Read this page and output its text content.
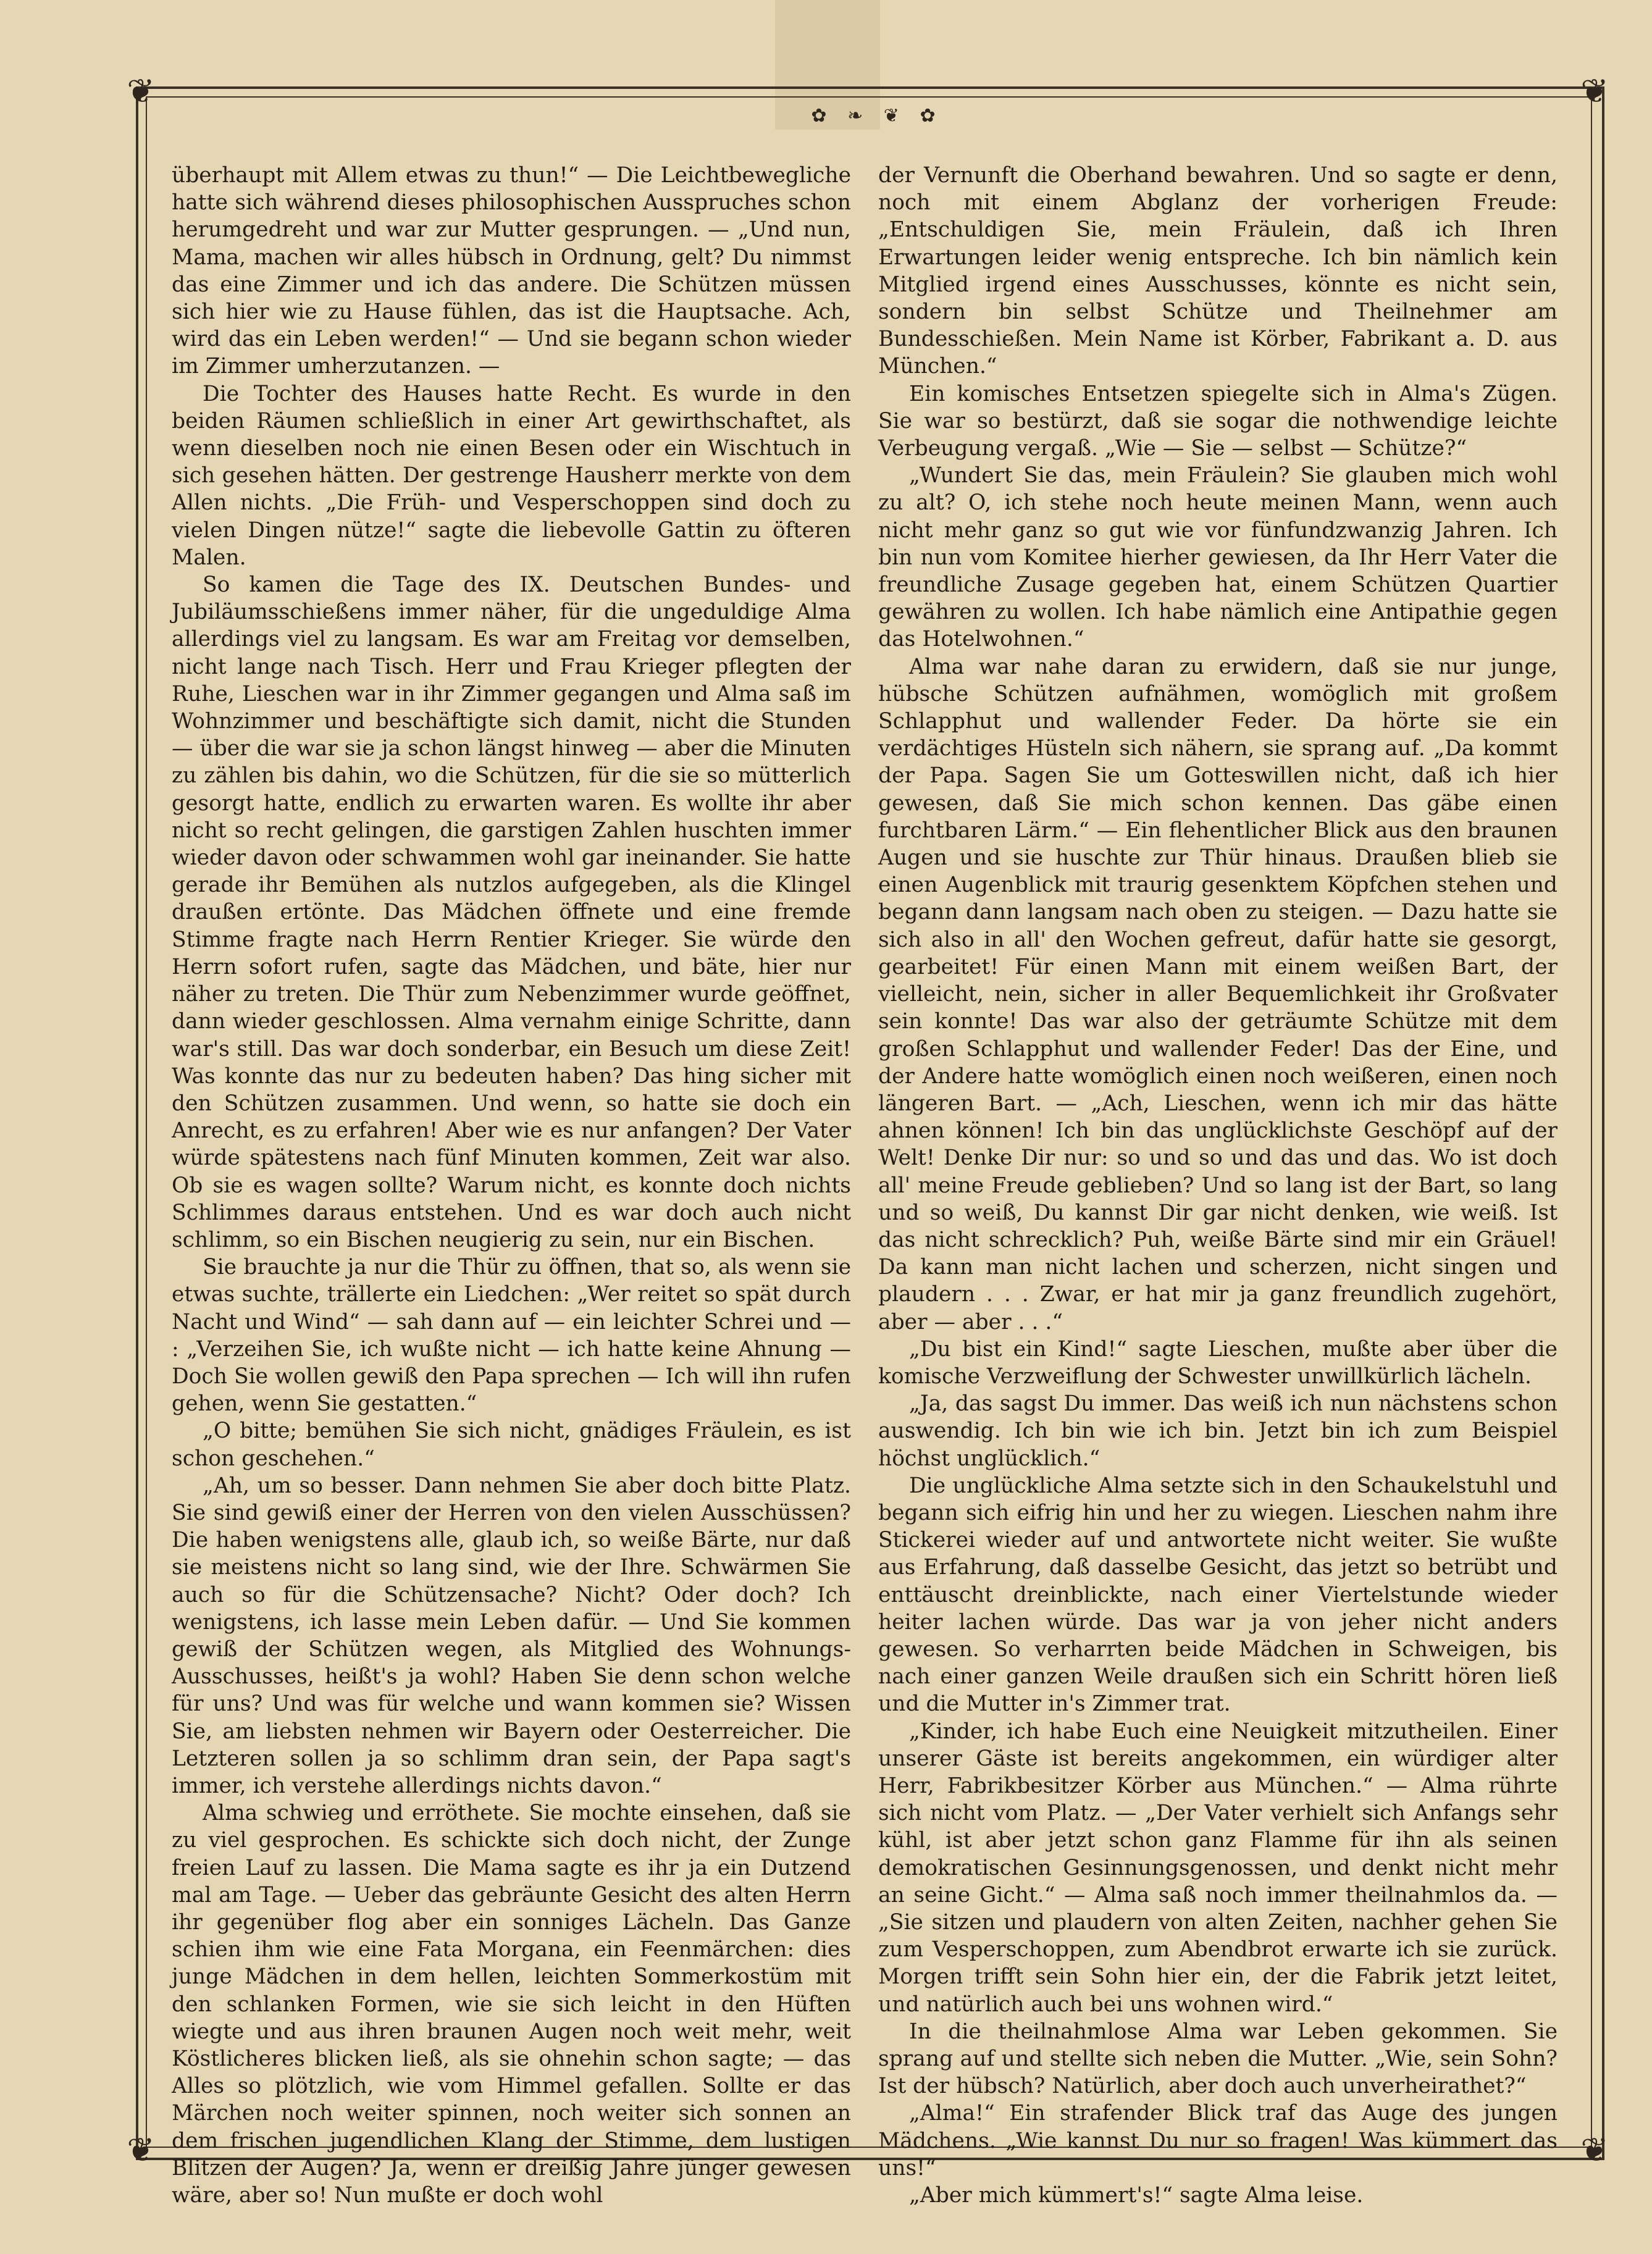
❦	❦
❦	❦
✿ ❧ ❦ ✿

überhaupt mit Allem etwas zu thun!“ — Die Leichtbewegliche hatte sich während dieses philosophischen Ausspruches schon herumgedreht und war zur Mutter gesprungen. — „Und nun, Mama, machen wir alles hübsch in Ordnung, gelt? Du nimmst das eine Zimmer und ich das andere. Die Schützen müssen sich hier wie zu Hause fühlen, das ist die Hauptsache. Ach, wird das ein Leben werden!“ — Und sie begann schon wieder im Zimmer umherzutanzen. —

Die Tochter des Hauses hatte Recht. Es wurde in den beiden Räumen schließlich in einer Art gewirthschaftet, als wenn dieselben noch nie einen Besen oder ein Wischtuch in sich gesehen hätten. Der gestrenge Hausherr merkte von dem Allen nichts. „Die Früh- und Vesperschoppen sind doch zu vielen Dingen nütze!“ sagte die liebevolle Gattin zu öfteren Malen.

So kamen die Tage des IX. Deutschen Bundes- und Jubiläumsschießens immer näher, für die ungeduldige Alma allerdings viel zu langsam. Es war am Freitag vor demselben, nicht lange nach Tisch. Herr und Frau Krieger pflegten der Ruhe, Lieschen war in ihr Zimmer gegangen und Alma saß im Wohnzimmer und beschäftigte sich damit, nicht die Stunden — über die war sie ja schon längst hinweg — aber die Minuten zu zählen bis dahin, wo die Schützen, für die sie so mütterlich gesorgt hatte, endlich zu erwarten waren. Es wollte ihr aber nicht so recht gelingen, die garstigen Zahlen huschten immer wieder davon oder schwammen wohl gar ineinander. Sie hatte gerade ihr Bemühen als nutzlos aufgegeben, als die Klingel draußen ertönte. Das Mädchen öffnete und eine fremde Stimme fragte nach Herrn Rentier Krieger. Sie würde den Herrn sofort rufen, sagte das Mädchen, und bäte, hier nur näher zu treten. Die Thür zum Nebenzimmer wurde geöffnet, dann wieder geschlossen. Alma vernahm einige Schritte, dann war's still. Das war doch sonderbar, ein Besuch um diese Zeit! Was konnte das nur zu bedeuten haben? Das hing sicher mit den Schützen zusammen. Und wenn, so hatte sie doch ein Anrecht, es zu erfahren! Aber wie es nur anfangen? Der Vater würde spätestens nach fünf Minuten kommen, Zeit war also. Ob sie es wagen sollte? Warum nicht, es konnte doch nichts Schlimmes daraus entstehen. Und es war doch auch nicht schlimm, so ein Bischen neugierig zu sein, nur ein Bischen.

Sie brauchte ja nur die Thür zu öffnen, that so, als wenn sie etwas suchte, trällerte ein Liedchen: „Wer reitet so spät durch Nacht und Wind“ — sah dann auf — ein leichter Schrei und — : „Verzeihen Sie, ich wußte nicht — ich hatte keine Ahnung — Doch Sie wollen gewiß den Papa sprechen — Ich will ihn rufen gehen, wenn Sie gestatten.“

„O bitte; bemühen Sie sich nicht, gnädiges Fräulein, es ist schon geschehen.“

„Ah, um so besser. Dann nehmen Sie aber doch bitte Platz. Sie sind gewiß einer der Herren von den vielen Ausschüssen? Die haben wenigstens alle, glaub ich, so weiße Bärte, nur daß sie meistens nicht so lang sind, wie der Ihre. Schwärmen Sie auch so für die Schützensache? Nicht? Oder doch? Ich wenigstens, ich lasse mein Leben dafür. — Und Sie kommen gewiß der Schützen wegen, als Mitglied des Wohnungs-Ausschusses, heißt's ja wohl? Haben Sie denn schon welche für uns? Und was für welche und wann kommen sie? Wissen Sie, am liebsten nehmen wir Bayern oder Oesterreicher. Die Letzteren sollen ja so schlimm dran sein, der Papa sagt's immer, ich verstehe allerdings nichts davon.“

Alma schwieg und erröthete. Sie mochte einsehen, daß sie zu viel gesprochen. Es schickte sich doch nicht, der Zunge freien Lauf zu lassen. Die Mama sagte es ihr ja ein Dutzend mal am Tage. — Ueber das gebräunte Gesicht des alten Herrn ihr gegenüber flog aber ein sonniges Lächeln. Das Ganze schien ihm wie eine Fata Morgana, ein Feenmärchen: dies junge Mädchen in dem hellen, leichten Sommerkostüm mit den schlanken Formen, wie sie sich leicht in den Hüften wiegte und aus ihren braunen Augen noch weit mehr, weit Köstlicheres blicken ließ, als sie ohnehin schon sagte; — das Alles so plötzlich, wie vom Himmel gefallen. Sollte er das Märchen noch weiter spinnen, noch weiter sich sonnen an dem frischen jugendlichen Klang der Stimme, dem lustigen Blitzen der Augen? Ja, wenn er dreißig Jahre jünger gewesen wäre, aber so! Nun mußte er doch wohl

der Vernunft die Oberhand bewahren. Und so sagte er denn, noch mit einem Abglanz der vorherigen Freude: „Entschuldigen Sie, mein Fräulein, daß ich Ihren Erwartungen leider wenig entspreche. Ich bin nämlich kein Mitglied irgend eines Ausschusses, könnte es nicht sein, sondern bin selbst Schütze und Theilnehmer am Bundesschießen. Mein Name ist Körber, Fabrikant a. D. aus München.“

Ein komisches Entsetzen spiegelte sich in Alma's Zügen. Sie war so bestürzt, daß sie sogar die nothwendige leichte Verbeugung vergaß. „Wie — Sie — selbst — Schütze?“

„Wundert Sie das, mein Fräulein? Sie glauben mich wohl zu alt? O, ich stehe noch heute meinen Mann, wenn auch nicht mehr ganz so gut wie vor fünfundzwanzig Jahren. Ich bin nun vom Komitee hierher gewiesen, da Ihr Herr Vater die freundliche Zusage gegeben hat, einem Schützen Quartier gewähren zu wollen. Ich habe nämlich eine Antipathie gegen das Hotelwohnen.“

Alma war nahe daran zu erwidern, daß sie nur junge, hübsche Schützen aufnähmen, womöglich mit großem Schlapphut und wallender Feder. Da hörte sie ein verdächtiges Hüsteln sich nähern, sie sprang auf. „Da kommt der Papa. Sagen Sie um Gotteswillen nicht, daß ich hier gewesen, daß Sie mich schon kennen. Das gäbe einen furchtbaren Lärm.“ — Ein flehentlicher Blick aus den braunen Augen und sie huschte zur Thür hinaus. Draußen blieb sie einen Augenblick mit traurig gesenktem Köpfchen stehen und begann dann langsam nach oben zu steigen. — Dazu hatte sie sich also in all' den Wochen gefreut, dafür hatte sie gesorgt, gearbeitet! Für einen Mann mit einem weißen Bart, der vielleicht, nein, sicher in aller Bequemlichkeit ihr Großvater sein konnte! Das war also der geträumte Schütze mit dem großen Schlapphut und wallender Feder! Das der Eine, und der Andere hatte womöglich einen noch weißeren, einen noch längeren Bart. — „Ach, Lieschen, wenn ich mir das hätte ahnen können! Ich bin das unglücklichste Geschöpf auf der Welt! Denke Dir nur: so und so und das und das. Wo ist doch all' meine Freude geblieben? Und so lang ist der Bart, so lang und so weiß, Du kannst Dir gar nicht denken, wie weiß. Ist das nicht schrecklich? Puh, weiße Bärte sind mir ein Gräuel! Da kann man nicht lachen und scherzen, nicht singen und plaudern . . . Zwar, er hat mir ja ganz freundlich zugehört, aber — aber . . .“

„Du bist ein Kind!“ sagte Lieschen, mußte aber über die komische Verzweiflung der Schwester unwillkürlich lächeln.

„Ja, das sagst Du immer. Das weiß ich nun nächstens schon auswendig. Ich bin wie ich bin. Jetzt bin ich zum Beispiel höchst unglücklich.“

Die unglückliche Alma setzte sich in den Schaukelstuhl und begann sich eifrig hin und her zu wiegen. Lieschen nahm ihre Stickerei wieder auf und antwortete nicht weiter. Sie wußte aus Erfahrung, daß dasselbe Gesicht, das jetzt so betrübt und enttäuscht dreinblickte, nach einer Viertelstunde wieder heiter lachen würde. Das war ja von jeher nicht anders gewesen. So verharrten beide Mädchen in Schweigen, bis nach einer ganzen Weile draußen sich ein Schritt hören ließ und die Mutter in's Zimmer trat.

„Kinder, ich habe Euch eine Neuigkeit mitzutheilen. Einer unserer Gäste ist bereits angekommen, ein würdiger alter Herr, Fabrikbesitzer Körber aus München.“ — Alma rührte sich nicht vom Platz. — „Der Vater verhielt sich Anfangs sehr kühl, ist aber jetzt schon ganz Flamme für ihn als seinen demokratischen Gesinnungsgenossen, und denkt nicht mehr an seine Gicht.“ — Alma saß noch immer theilnahmlos da. — „Sie sitzen und plaudern von alten Zeiten, nachher gehen Sie zum Vesperschoppen, zum Abendbrot erwarte ich sie zurück. Morgen trifft sein Sohn hier ein, der die Fabrik jetzt leitet, und natürlich auch bei uns wohnen wird.“

In die theilnahmlose Alma war Leben gekommen. Sie sprang auf und stellte sich neben die Mutter. „Wie, sein Sohn? Ist der hübsch? Natürlich, aber doch auch unverheirathet?“

„Alma!“ Ein strafender Blick traf das Auge des jungen Mädchens. „Wie kannst Du nur so fragen! Was kümmert das uns!“

„Aber mich kümmert's!“ sagte Alma leise.
